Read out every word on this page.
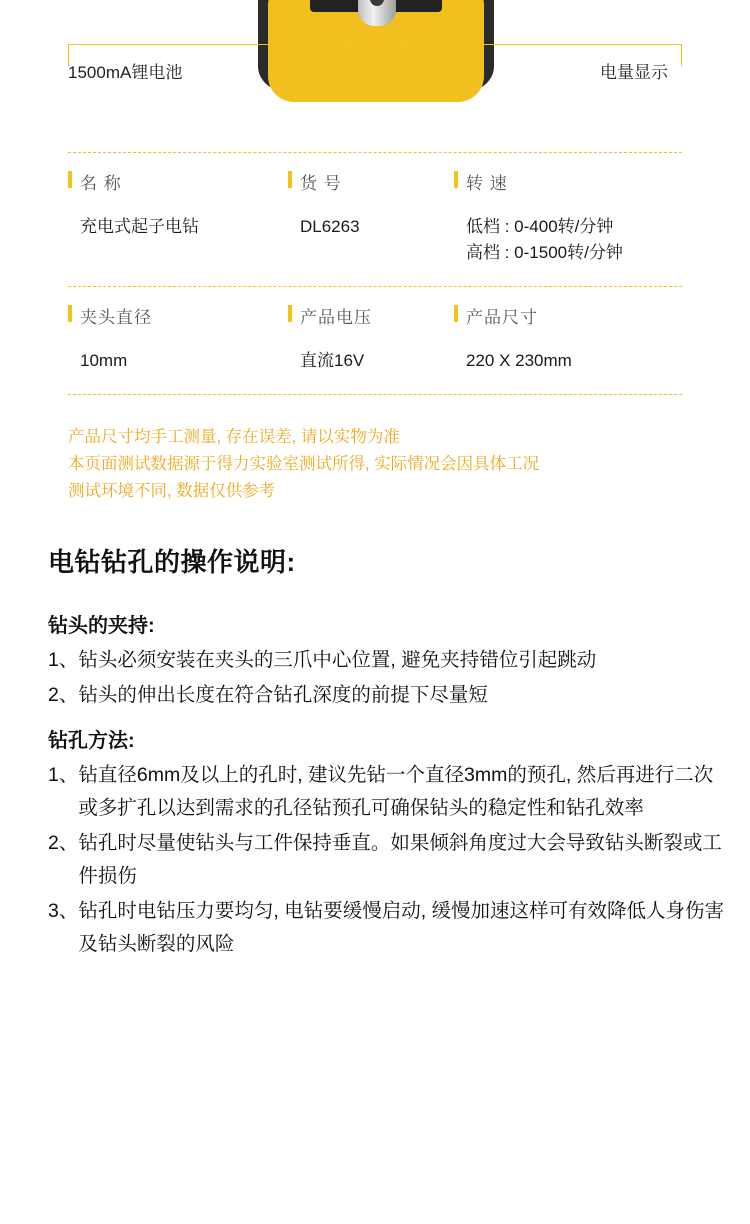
1500mA锂电池	电量显示
名 称
充电式起子电钻
货 号
DL6263
转 速
低档 : 0-400转/分钟
高档 : 0-1500转/分钟
夹头直径
10mm
产品电压
直流16V
产品尺寸
220 X 230mm
产品尺寸均手工测量, 存在误差, 请以实物为准
本页面测试数据源于得力实验室测试所得, 实际情况会因具体工况
测试环境不同, 数据仅供参考
电钻钻孔的操作说明:
钻头的夹持:
1、 钻头必须安装在夹头的三爪中心位置, 避免夹持错位引起跳动
2、 钻头的伸出长度在符合钻孔深度的前提下尽量短
钻孔方法:
1、 钻直径6mm及以上的孔时, 建议先钻一个直径3mm的预孔, 然后再进行二次或多扩孔以达到需求的孔径钻预孔可确保钻头的稳定性和钻孔效率
2、 钻孔时尽量使钻头与工件保持垂直。如果倾斜角度过大会导致钻头断裂或工件损伤
3、 钻孔时电钻压力要均匀, 电钻要缓慢启动, 缓慢加速这样可有效降低人身伤害及钻头断裂的风险
